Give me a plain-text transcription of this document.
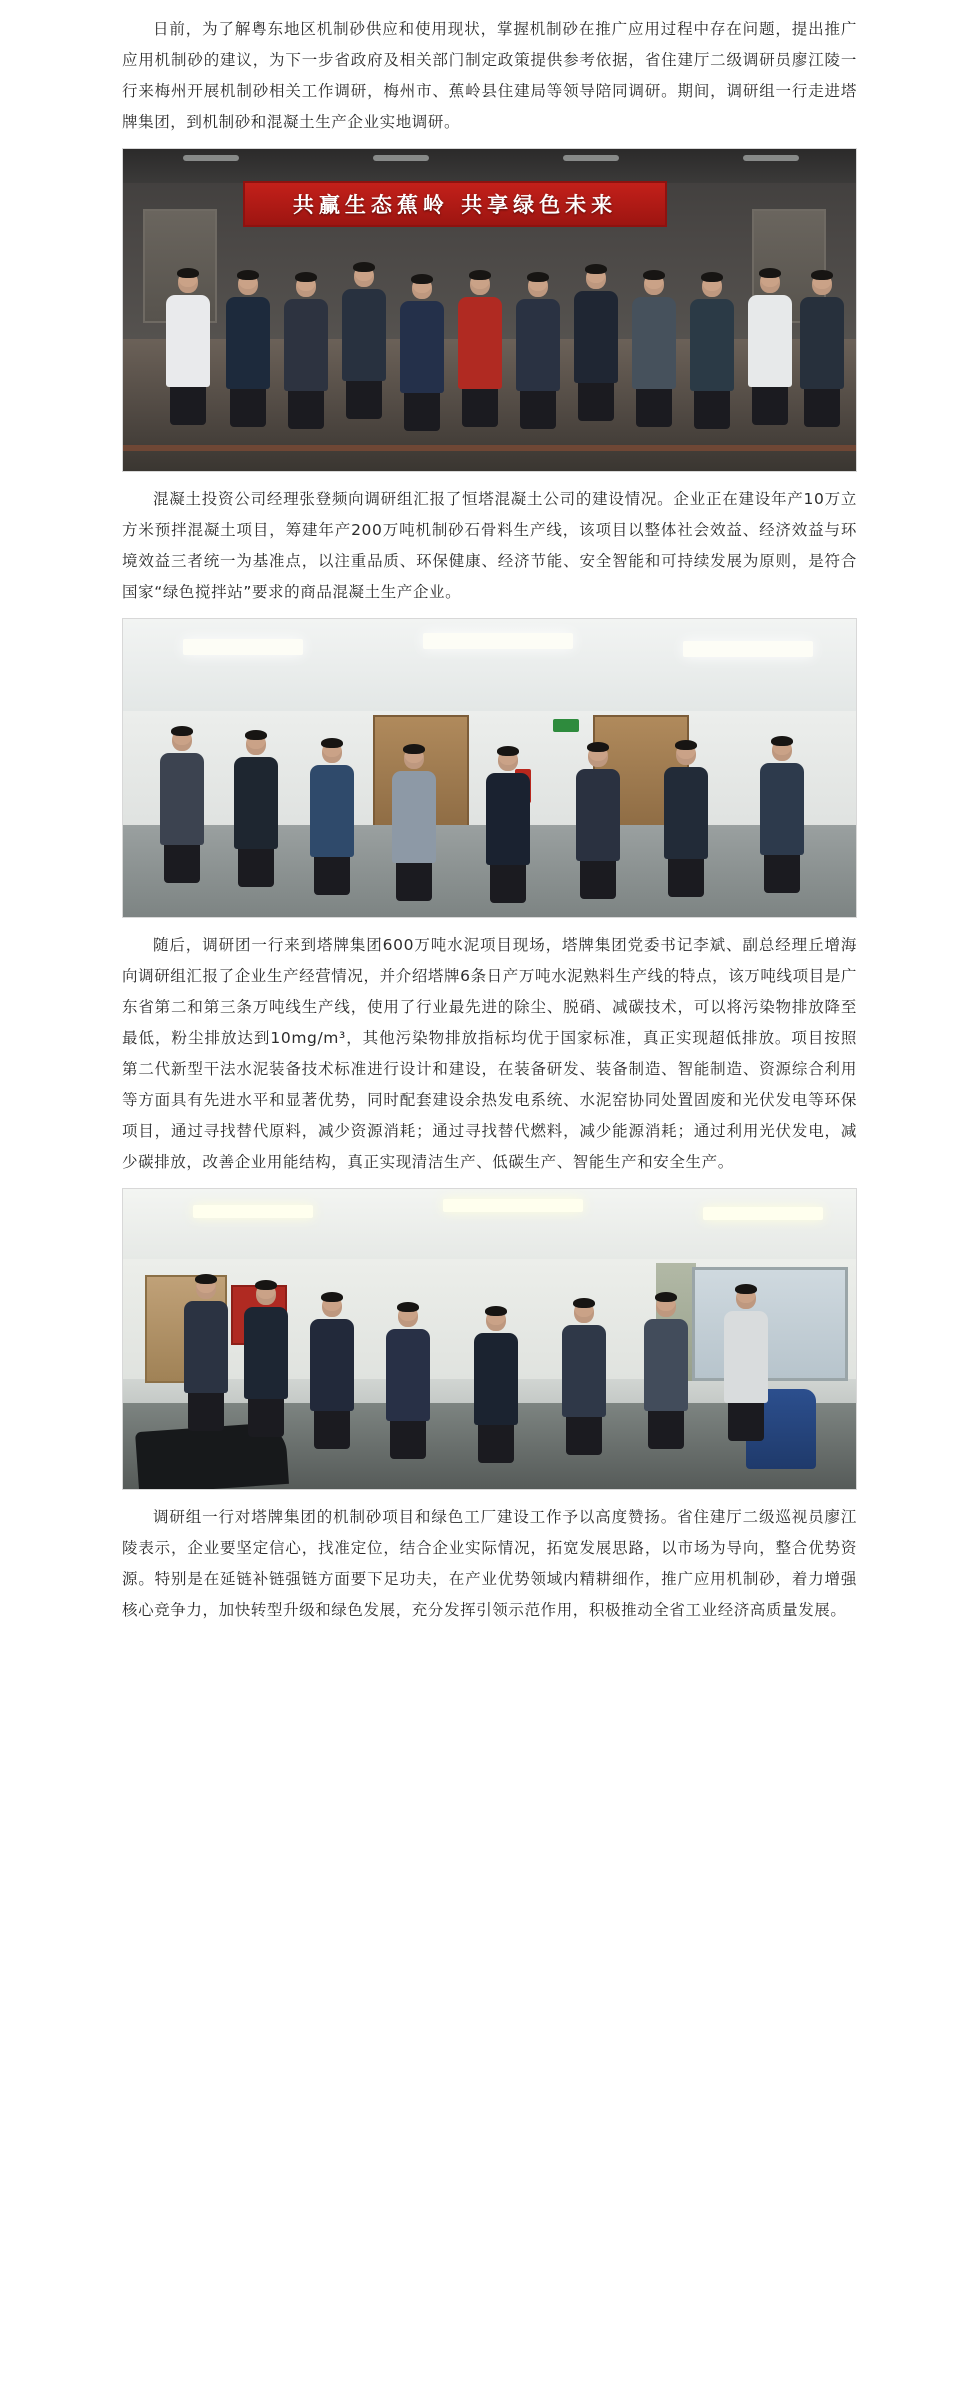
日前，为了解粤东地区机制砂供应和使用现状，掌握机制砂在推广应用过程中存在问题，提出推广应用机制砂的建议，为下一步省政府及相关部门制定政策提供参考依据，省住建厅二级调研员廖江陵一行来梅州开展机制砂相关工作调研，梅州市、蕉岭县住建局等领导陪同调研。期间，调研组一行走进塔牌集团，到机制砂和混凝土生产企业实地调研。

共赢生态蕉岭 共享绿色未来

混凝土投资公司经理张登频向调研组汇报了恒塔混凝土公司的建设情况。企业正在建设年产10万立方米预拌混凝土项目，筹建年产200万吨机制砂石骨料生产线，该项目以整体社会效益、经济效益与环境效益三者统一为基准点，以注重品质、环保健康、经济节能、安全智能和可持续发展为原则，是符合国家“绿色搅拌站”要求的商品混凝土生产企业。

随后，调研团一行来到塔牌集团600万吨水泥项目现场，塔牌集团党委书记李斌、副总经理丘增海向调研组汇报了企业生产经营情况，并介绍塔牌6条日产万吨水泥熟料生产线的特点，该万吨线项目是广东省第二和第三条万吨线生产线，使用了行业最先进的除尘、脱硝、减碳技术，可以将污染物排放降至最低，粉尘排放达到10mg/m³，其他污染物排放指标均优于国家标准，真正实现超低排放。项目按照第二代新型干法水泥装备技术标准进行设计和建设，在装备研发、装备制造、智能制造、资源综合利用等方面具有先进水平和显著优势，同时配套建设余热发电系统、水泥窑协同处置固废和光伏发电等环保项目，通过寻找替代原料，减少资源消耗；通过寻找替代燃料，减少能源消耗；通过利用光伏发电，减少碳排放，改善企业用能结构，真正实现清洁生产、低碳生产、智能生产和安全生产。

调研组一行对塔牌集团的机制砂项目和绿色工厂建设工作予以高度赞扬。省住建厅二级巡视员廖江陵表示，企业要坚定信心，找准定位，结合企业实际情况，拓宽发展思路，以市场为导向，整合优势资源。特别是在延链补链强链方面要下足功夫，在产业优势领域内精耕细作，推广应用机制砂，着力增强核心竞争力，加快转型升级和绿色发展，充分发挥引领示范作用，积极推动全省工业经济高质量发展。
